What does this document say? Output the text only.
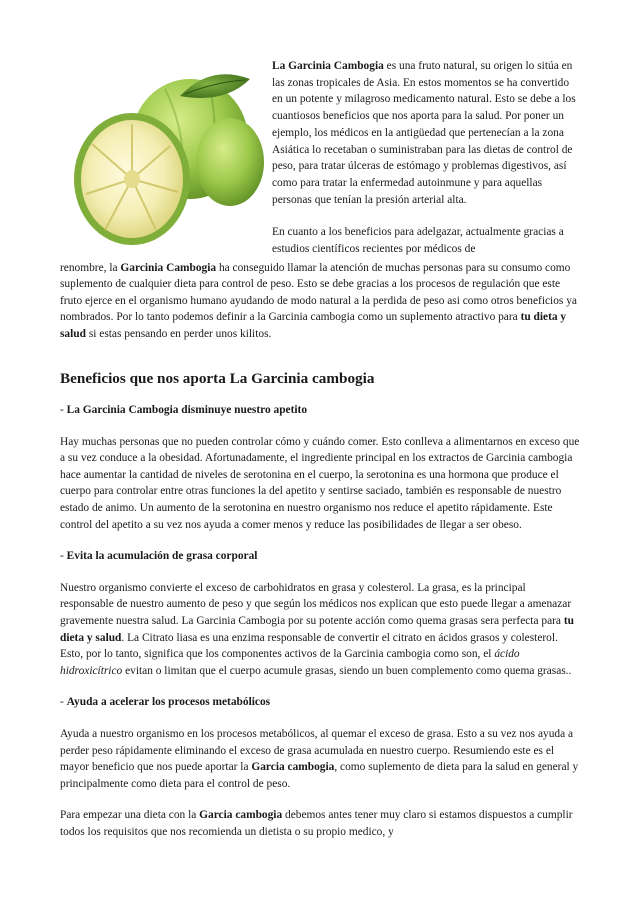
La Garcinia Cambogia es una fruto natural, su origen lo sitúa en las zonas tropicales de Asia. En estos momentos se ha convertido en un potente y milagroso medicamento natural. Esto se debe a los cuantiosos beneficios que nos aporta para la salud. Por poner un ejemplo, los médicos en la antigüedad que pertenecían a la zona Asiática lo recetaban o suministraban para las dietas de control de peso, para tratar úlceras de estómago y problemas digestivos, así como para tratar la enfermedad autoinmune y para aquellas personas que tenían la presión arterial alta.

En cuanto a los beneficios para adelgazar, actualmente gracias a estudios científicos recientes por médicos de

renombre, la Garcinia Cambogia ha conseguido llamar la atención de muchas personas para su consumo como suplemento de cualquier dieta para control de peso. Esto se debe gracias a los procesos de regulación que este fruto ejerce en el organismo humano ayudando de modo natural a la perdida de peso asi como otros beneficios ya nombrados. Por lo tanto podemos definir a la Garcinia cambogia como un suplemento atractivo para tu dieta y salud si estas pensando en perder unos kilitos.
Beneficios que nos aporta La Garcinia cambogia

- La Garcinia Cambogia disminuye nuestro apetito

Hay muchas personas que no pueden controlar cómo y cuándo comer. Esto conlleva a alimentarnos en exceso que a su vez conduce a la obesidad. Afortunadamente, el ingrediente principal en los extractos de Garcinia cambogia hace aumentar la cantidad de niveles de serotonina en el cuerpo, la serotonina es una hormona que produce el cuerpo para controlar entre otras funciones la del apetito y sentirse saciado, también es responsable de nuestro estado de animo. Un aumento de la serotonina en nuestro organismo nos reduce el apetito rápidamente. Este control del apetito a su vez nos ayuda a comer menos y reduce las posibilidades de llegar a ser obeso.

- Evita la acumulación de grasa corporal

Nuestro organismo convierte el exceso de carbohidratos en grasa y colesterol. La grasa, es la principal responsable de nuestro aumento de peso y que según los médicos nos explican que esto puede llegar a amenazar gravemente nuestra salud. La Garcinia Cambogia por su potente acción como quema grasas sera perfecta para tu dieta y salud. La Citrato liasa es una enzima responsable de convertir el citrato en ácidos grasos y colesterol. Esto, por lo tanto, significa que los componentes activos de la Garcinia cambogia como son, el ácido hidroxicítrico evitan o limitan que el cuerpo acumule grasas, siendo un buen complemento como quema grasas..

- Ayuda a acelerar los procesos metabólicos

Ayuda a nuestro organismo en los procesos metabólicos, al quemar el exceso de grasa. Esto a su vez nos ayuda a perder peso rápidamente eliminando el exceso de grasa acumulada en nuestro cuerpo. Resumiendo este es el mayor beneficio que nos puede aportar la Garcia cambogia, como suplemento de dieta para la salud en general y principalmente como dieta para el control de peso.

Para empezar una dieta con la Garcia cambogia debemos antes tener muy claro si estamos dispuestos a cumplir todos los requisitos que nos recomienda un dietista o su propio medico, y
